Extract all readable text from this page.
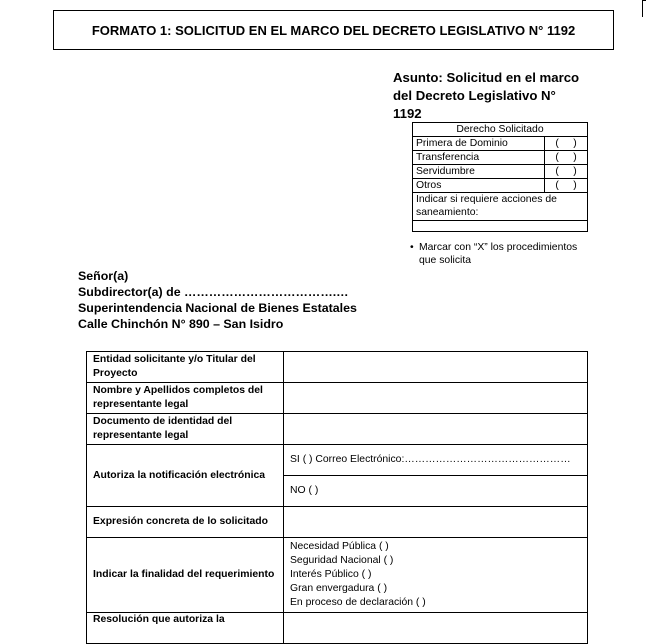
FORMATO 1: SOLICITUD EN EL MARCO DEL DECRETO LEGISLATIVO N° 1192
Asunto: Solicitud en el marco
del Decreto Legislativo N°
1192
Derecho Solicitado	
Primera de Dominio	(     )
Transferencia	(     )
Servidumbre	(     )
Otros	(     )
Indicar si requiere acciones de saneamiento:	

• Marcar con “X” los procedimientos
que solicita
Señor(a)
Subdirector(a) de ……………………………….…
Superintendencia Nacional de Bienes Estatales
Calle Chinchón N° 890 – San Isidro
Entidad solicitante y/o Titular del Proyecto	
Nombre y Apellidos completos del representante legal	
Documento de identidad del representante legal	
Autoriza la notificación electrónica	SI ( ) Correo Electrónico:…………………………………………
	NO ( )
Expresión concreta de lo solicitado	
Indicar la finalidad del requerimiento	Necesidad Pública ( )
Seguridad Nacional ( )
Interés Público ( )
Gran envergadura ( )
En proceso de declaración ( )

Resolución que autoriza la	
